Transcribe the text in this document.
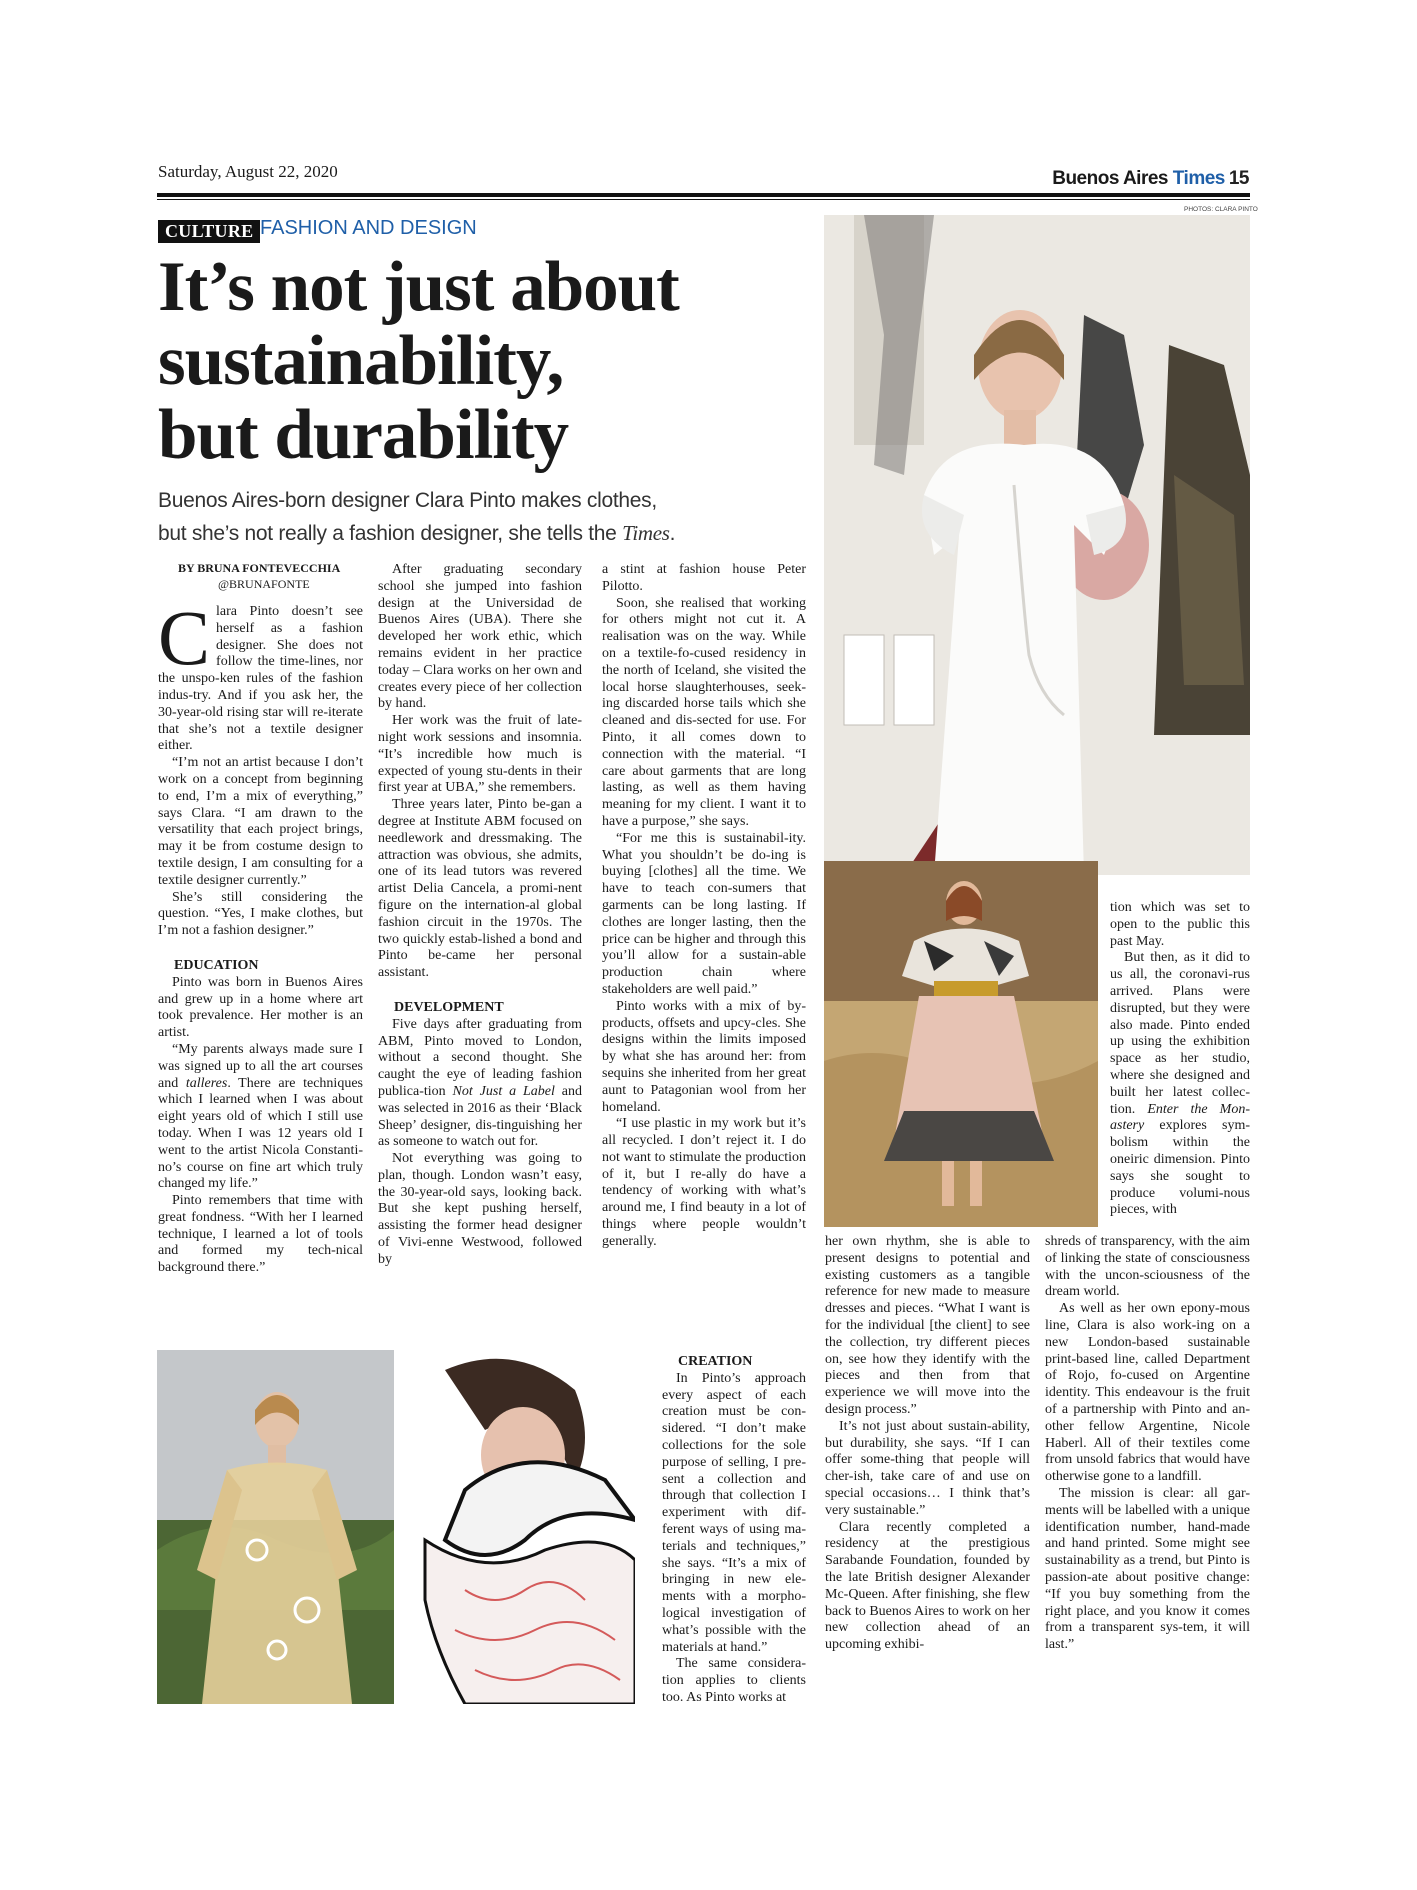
Saturday, August 22, 2020	Buenos Aires Times 15
PHOTOS: CLARA PINTO
CULTURE FASHION AND DESIGN
It’s not just about
sustainability,
but durability
Buenos Aires-born designer Clara Pinto makes clothes,
but she’s not really a fashion designer, she tells the Times.
BY BRUNA FONTEVECCHIA
@BRUNAFONTE

Clara Pinto doesn’t see herself as a fashion designer. She does not follow the time-lines, nor the unspo-ken rules of the fashion indus-try. And if you ask her, the 30-year-old rising star will re-iterate that she’s not a textile designer either.

“I’m not an artist because I don’t work on a concept from beginning to end, I’m a mix of everything,” says Clara. “I am drawn to the versatility that each project brings, may it be from costume design to textile design, I am consulting for a textile designer currently.”

She’s still considering the question. “Yes, I make clothes, but I’m not a fashion designer.”

EDUCATION

Pinto was born in Buenos Aires and grew up in a home where art took prevalence. Her mother is an artist.

“My parents always made sure I was signed up to all the art courses and talleres. There are techniques which I learned when I was about eight years old of which I still use today. When I was 12 years old I went to the artist Nicola Constanti-no’s course on fine art which truly changed my life.”

Pinto remembers that time with great fondness. “With her I learned technique, I learned a lot of tools and formed my tech-nical background there.”

After graduating secondary school she jumped into fashion design at the Universidad de Buenos Aires (UBA). There she developed her work ethic, which remains evident in her practice today – Clara works on her own and creates every piece of her collection by hand.

Her work was the fruit of late-night work sessions and insomnia. “It’s incredible how much is expected of young stu-dents in their first year at UBA,” she remembers.

Three years later, Pinto be-gan a degree at Institute ABM focused on needlework and dressmaking. The attraction was obvious, she admits, one of its lead tutors was revered artist Delia Cancela, a promi-nent figure on the internation-al global fashion circuit in the 1970s. The two quickly estab-lished a bond and Pinto be-came her personal assistant.

DEVELOPMENT

Five days after graduating from ABM, Pinto moved to London, without a second thought. She caught the eye of leading fashion publica-tion Not Just a Label and was selected in 2016 as their ‘Black Sheep’ designer, dis-tinguishing her as someone to watch out for.

Not everything was going to plan, though. London wasn’t easy, the 30-year-old says, looking back. But she kept pushing herself, assisting the former head designer of Vivi-enne Westwood, followed by

a stint at fashion house Peter Pilotto.

Soon, she realised that working for others might not cut it. A realisation was on the way. While on a textile-fo-cused residency in the north of Iceland, she visited the local horse slaughterhouses, seek-ing discarded horse tails which she cleaned and dis-sected for use. For Pinto, it all comes down to connection with the material. “I care about garments that are long lasting, as well as them having meaning for my client. I want it to have a purpose,” she says.

“For me this is sustainabil-ity. What you shouldn’t be do-ing is buying [clothes] all the time. We have to teach con-sumers that garments can be long lasting. If clothes are longer lasting, then the price can be higher and through this you’ll allow for a sustain-able production chain where stakeholders are well paid.”

Pinto works with a mix of by-products, offsets and upcy-cles. She designs within the limits imposed by what she has around her: from sequins she inherited from her great aunt to Patagonian wool from her homeland.

“I use plastic in my work but it’s all recycled. I don’t reject it. I do not want to stimulate the production of it, but I re-ally do have a tendency of working with what’s around me, I find beauty in a lot of things where people wouldn’t generally.

CREATION

In Pinto’s approach every aspect of each creation must be con-sidered. “I don’t make collections for the sole purpose of selling, I pre-sent a collection and through that collection I experiment with dif-ferent ways of using ma-terials and techniques,” she says. “It’s a mix of bringing in new ele-ments with a morpho-logical investigation of what’s possible with the materials at hand.”

The same considera-tion applies to clients too. As Pinto works at

tion which was set to open to the public this past May.

But then, as it did to us all, the coronavi-rus arrived. Plans were disrupted, but they were also made. Pinto ended up using the exhibition space as her studio, where she designed and built her latest collec-tion. Enter the Mon-astery explores sym-bolism within the oneiric dimension. Pinto says she sought to produce volumi-nous pieces, with

her own rhythm, she is able to present designs to potential and existing customers as a tangible reference for new made to measure dresses and pieces. “What I want is for the individual [the client] to see the collection, try different pieces on, see how they identify with the pieces and then from that experience we will move into the design process.”

It’s not just about sustain-ability, but durability, she says. “If I can offer some-thing that people will cher-ish, take care of and use on special occasions… I think that’s very sustainable.”

Clara recently completed a residency at the prestigious Sarabande Foundation, founded by the late British designer Alexander Mc-Queen. After finishing, she flew back to Buenos Aires to work on her new collection ahead of an upcoming exhibi-

shreds of transparency, with the aim of linking the state of consciousness with the uncon-sciousness of the dream world.

As well as her own epony-mous line, Clara is also work-ing on a new London-based sustainable print-based line, called Department of Rojo, fo-cused on Argentine identity. This endeavour is the fruit of a partnership with Pinto and an-other fellow Argentine, Nicole Haberl. All of their textiles come from unsold fabrics that would have otherwise gone to a landfill.

The mission is clear: all gar-ments will be labelled with a unique identification number, hand-made and hand printed. Some might see sustainability as a trend, but Pinto is passion-ate about positive change: “If you buy something from the right place, and you know it comes from a transparent sys-tem, it will last.”
